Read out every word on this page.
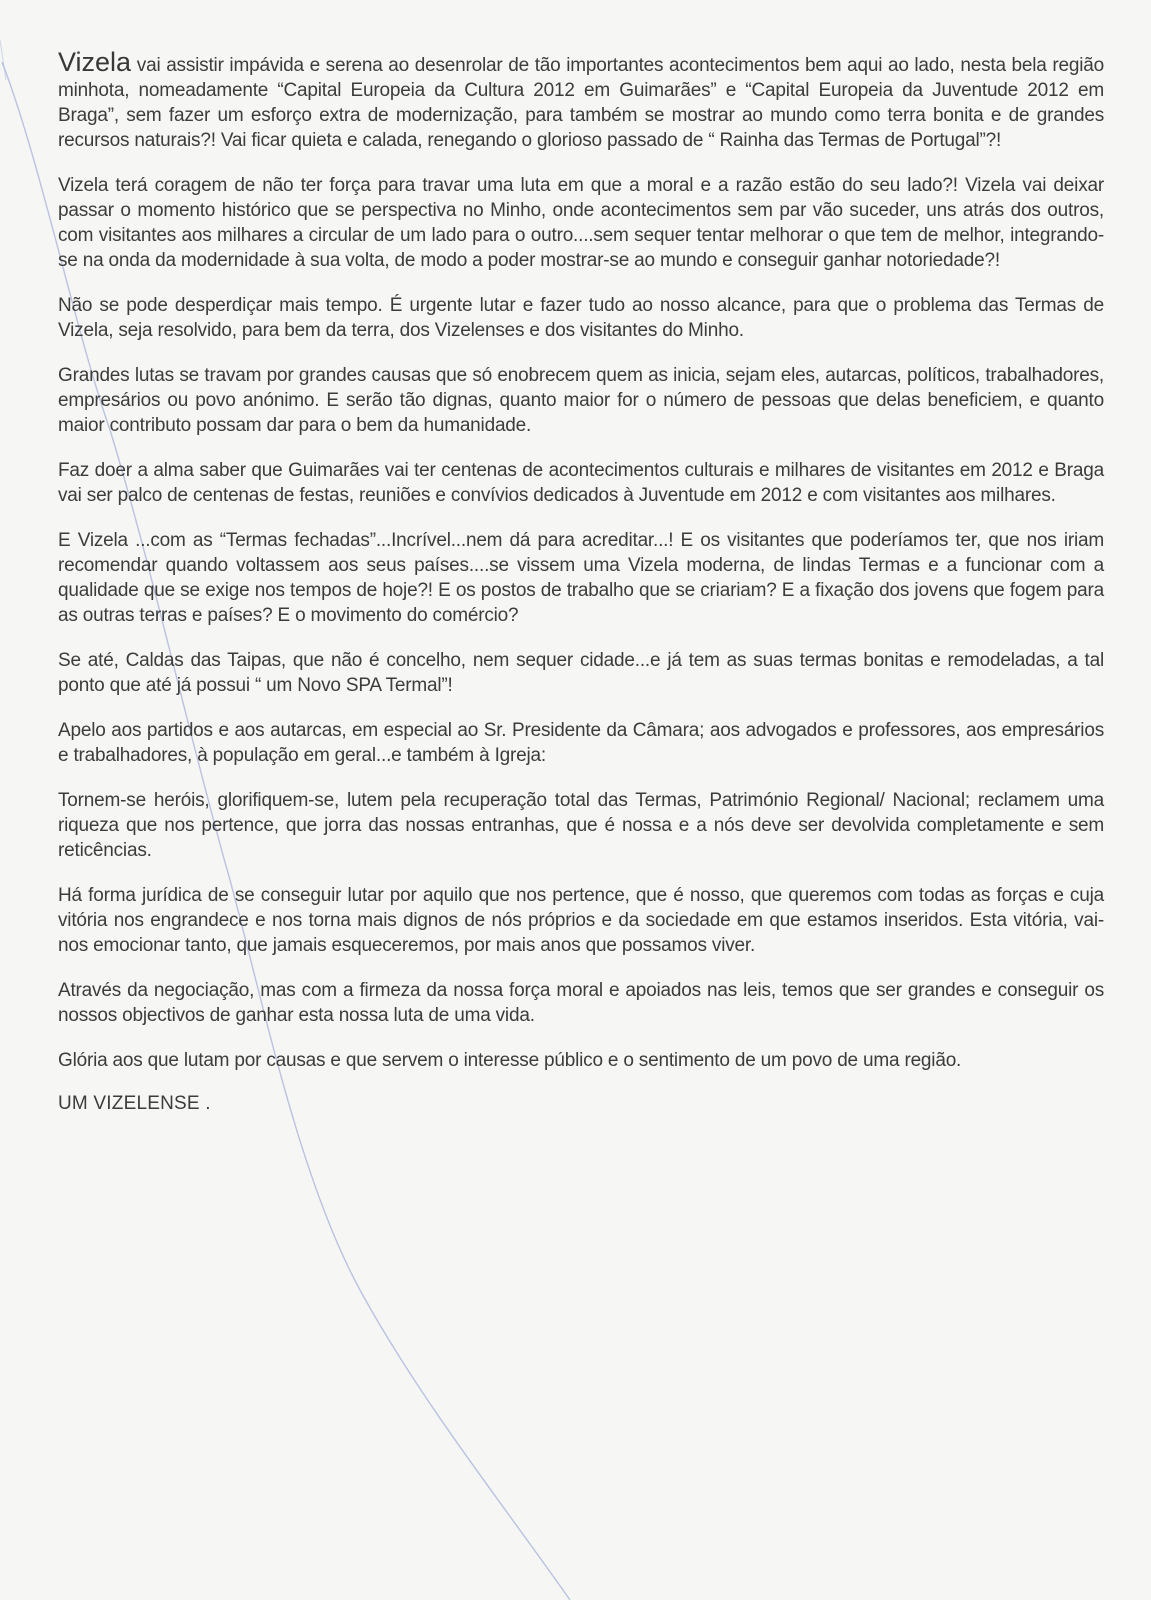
Vizela vai assistir impávida e serena ao desenrolar de tão importantes acontecimentos bem aqui ao lado, nesta bela região minhota, nomeadamente “Capital Europeia da Cultura 2012 em Guimarães” e “Capital Europeia da Juventude 2012 em Braga”, sem fazer um esforço extra de modernização, para também se mostrar ao mundo como terra bonita e de grandes recursos naturais?! Vai ficar quieta e calada, renegando o glorioso passado de “ Rainha das Termas de Portugal”?!

Vizela terá coragem de não ter força para travar uma luta em que a moral e a razão estão do seu lado?! Vizela vai deixar passar o momento histórico que se perspectiva no Minho, onde acontecimentos sem par vão suceder, uns atrás dos outros, com visitantes aos milhares a circular de um lado para o outro....sem sequer tentar melhorar o que tem de melhor, integrando-se na onda da modernidade à sua volta, de modo a poder mostrar-se ao mundo e conseguir ganhar notoriedade?!

Não se pode desperdiçar mais tempo. É urgente lutar e fazer tudo ao nosso alcance, para que o problema das Termas de Vizela, seja resolvido, para bem da terra, dos Vizelenses e dos visitantes do Minho.

Grandes lutas se travam por grandes causas que só enobrecem quem as inicia, sejam eles, autarcas, políticos, trabalhadores, empresários ou povo anónimo. E serão tão dignas, quanto maior for o número de pessoas que delas beneficiem, e quanto maior contributo possam dar para o bem da humanidade.

Faz doer a alma saber que Guimarães vai ter centenas de acontecimentos culturais e milhares de visitantes em 2012 e Braga vai ser palco de centenas de festas, reuniões e convívios dedicados à Juventude em 2012 e com visitantes aos milhares.

E Vizela ...com as “Termas fechadas”...Incrível...nem dá para acreditar...! E os visitantes que poderíamos ter, que nos iriam recomendar quando voltassem aos seus países....se vissem uma Vizela moderna, de lindas Termas e a funcionar com a qualidade que se exige nos tempos de hoje?! E os postos de trabalho que se criariam? E a fixação dos jovens que fogem para as outras terras e países? E o movimento do comércio?

Se até, Caldas das Taipas, que não é concelho, nem sequer cidade...e já tem as suas termas bonitas e remodeladas, a tal ponto que até já possui “ um Novo SPA Termal”!

Apelo aos partidos e aos autarcas, em especial ao Sr. Presidente da Câmara; aos advogados e professores, aos empresários e trabalhadores, à população em geral...e também à Igreja:

Tornem-se heróis, glorifiquem-se, lutem pela recuperação total das Termas, Património Regional/ Nacional; reclamem uma riqueza que nos pertence, que jorra das nossas entranhas, que é nossa e a nós deve ser devolvida completamente e sem reticências.

Há forma jurídica de se conseguir lutar por aquilo que nos pertence, que é nosso, que queremos com todas as forças e cuja vitória nos engrandece e nos torna mais dignos de nós próprios e da sociedade em que estamos inseridos. Esta vitória, vai-nos emocionar tanto, que jamais esqueceremos, por mais anos que possamos viver.

Através da negociação, mas com a firmeza da nossa força moral e apoiados nas leis, temos que ser grandes e conseguir os nossos objectivos de ganhar esta nossa luta de uma vida.

Glória aos que lutam por causas e que servem o interesse público e o sentimento de um povo de uma região.

UM VIZELENSE .
